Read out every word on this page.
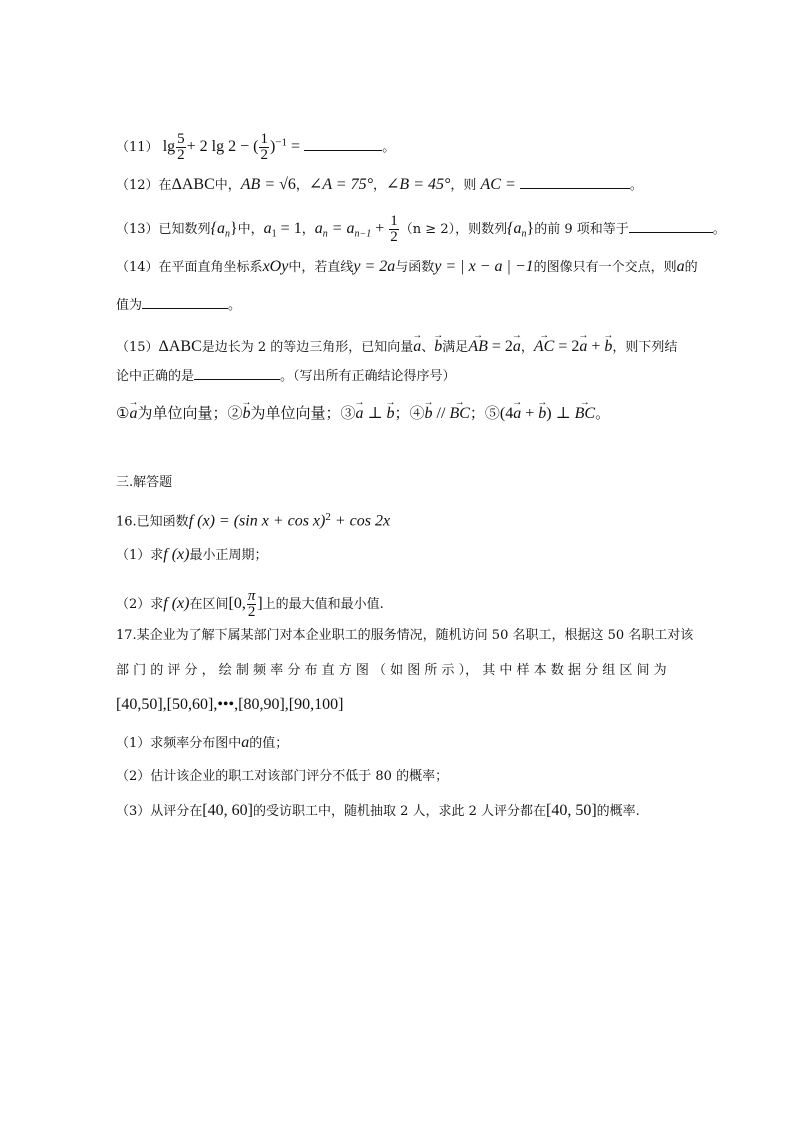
（11） $\lg \frac{5}{2} + 2$ lg 2 − ( $\frac{1}{2} )^{-1}$ =	。
（12）在ΔABC中，AB = √6，∠A = 75°，∠B = 45°，则 AC =	。
（13）已知数列$\{a_n\}$中，$a_1 = 1$，$a_n = a_{n-1} + \frac{1}{2} (n \ge 2)$，则数列$\{a_n\}$的前 9 项和等于	。
（14）在平面直角坐标系xOy中，若直线y = 2a与函数y = | x − a | −1的图像只有一个交点，则a的
值为	。
（15）ΔABC是边长为 2 的等边三角形，已知向量→ a、→ b满足→ AB = 2→ a，→ AC = 2→ a + → b，则下列结
论中正确的是	。（写出所有正确结论得序号）
①→ a为单位向量；②→ b为单位向量；③→ a ⊥ → b；④→ b // → BC；⑤(4→ a + → b) ⊥ → BC。
三.解答题
16.已知函数f (x) = (sin x + cos x)$^2$ + cos 2x
（1）求f (x)最小正周期；
（2）求f (x)在区间[0, $\frac{\pi}{2}$ ]上的最大值和最小值.
17.某企业为了解下属某部门对本企业职工的服务情况，随机访问 50 名职工，根据这 50 名职工对该
部 门 的 评 分 ， 绘 制 频 率 分 布 直 方 图 （ 如 图 所 示 ）， 其 中 样 本 数 据 分 组 区 间 为
[40,50],[50,60],•••,[80,90],[90,100]
（1）求频率分布图中a的值；
（2）估计该企业的职工对该部门评分不低于 80 的概率；
（3）从评分在[40, 60]的受访职工中，随机抽取 2 人，求此 2 人评分都在[40, 50]的概率.
